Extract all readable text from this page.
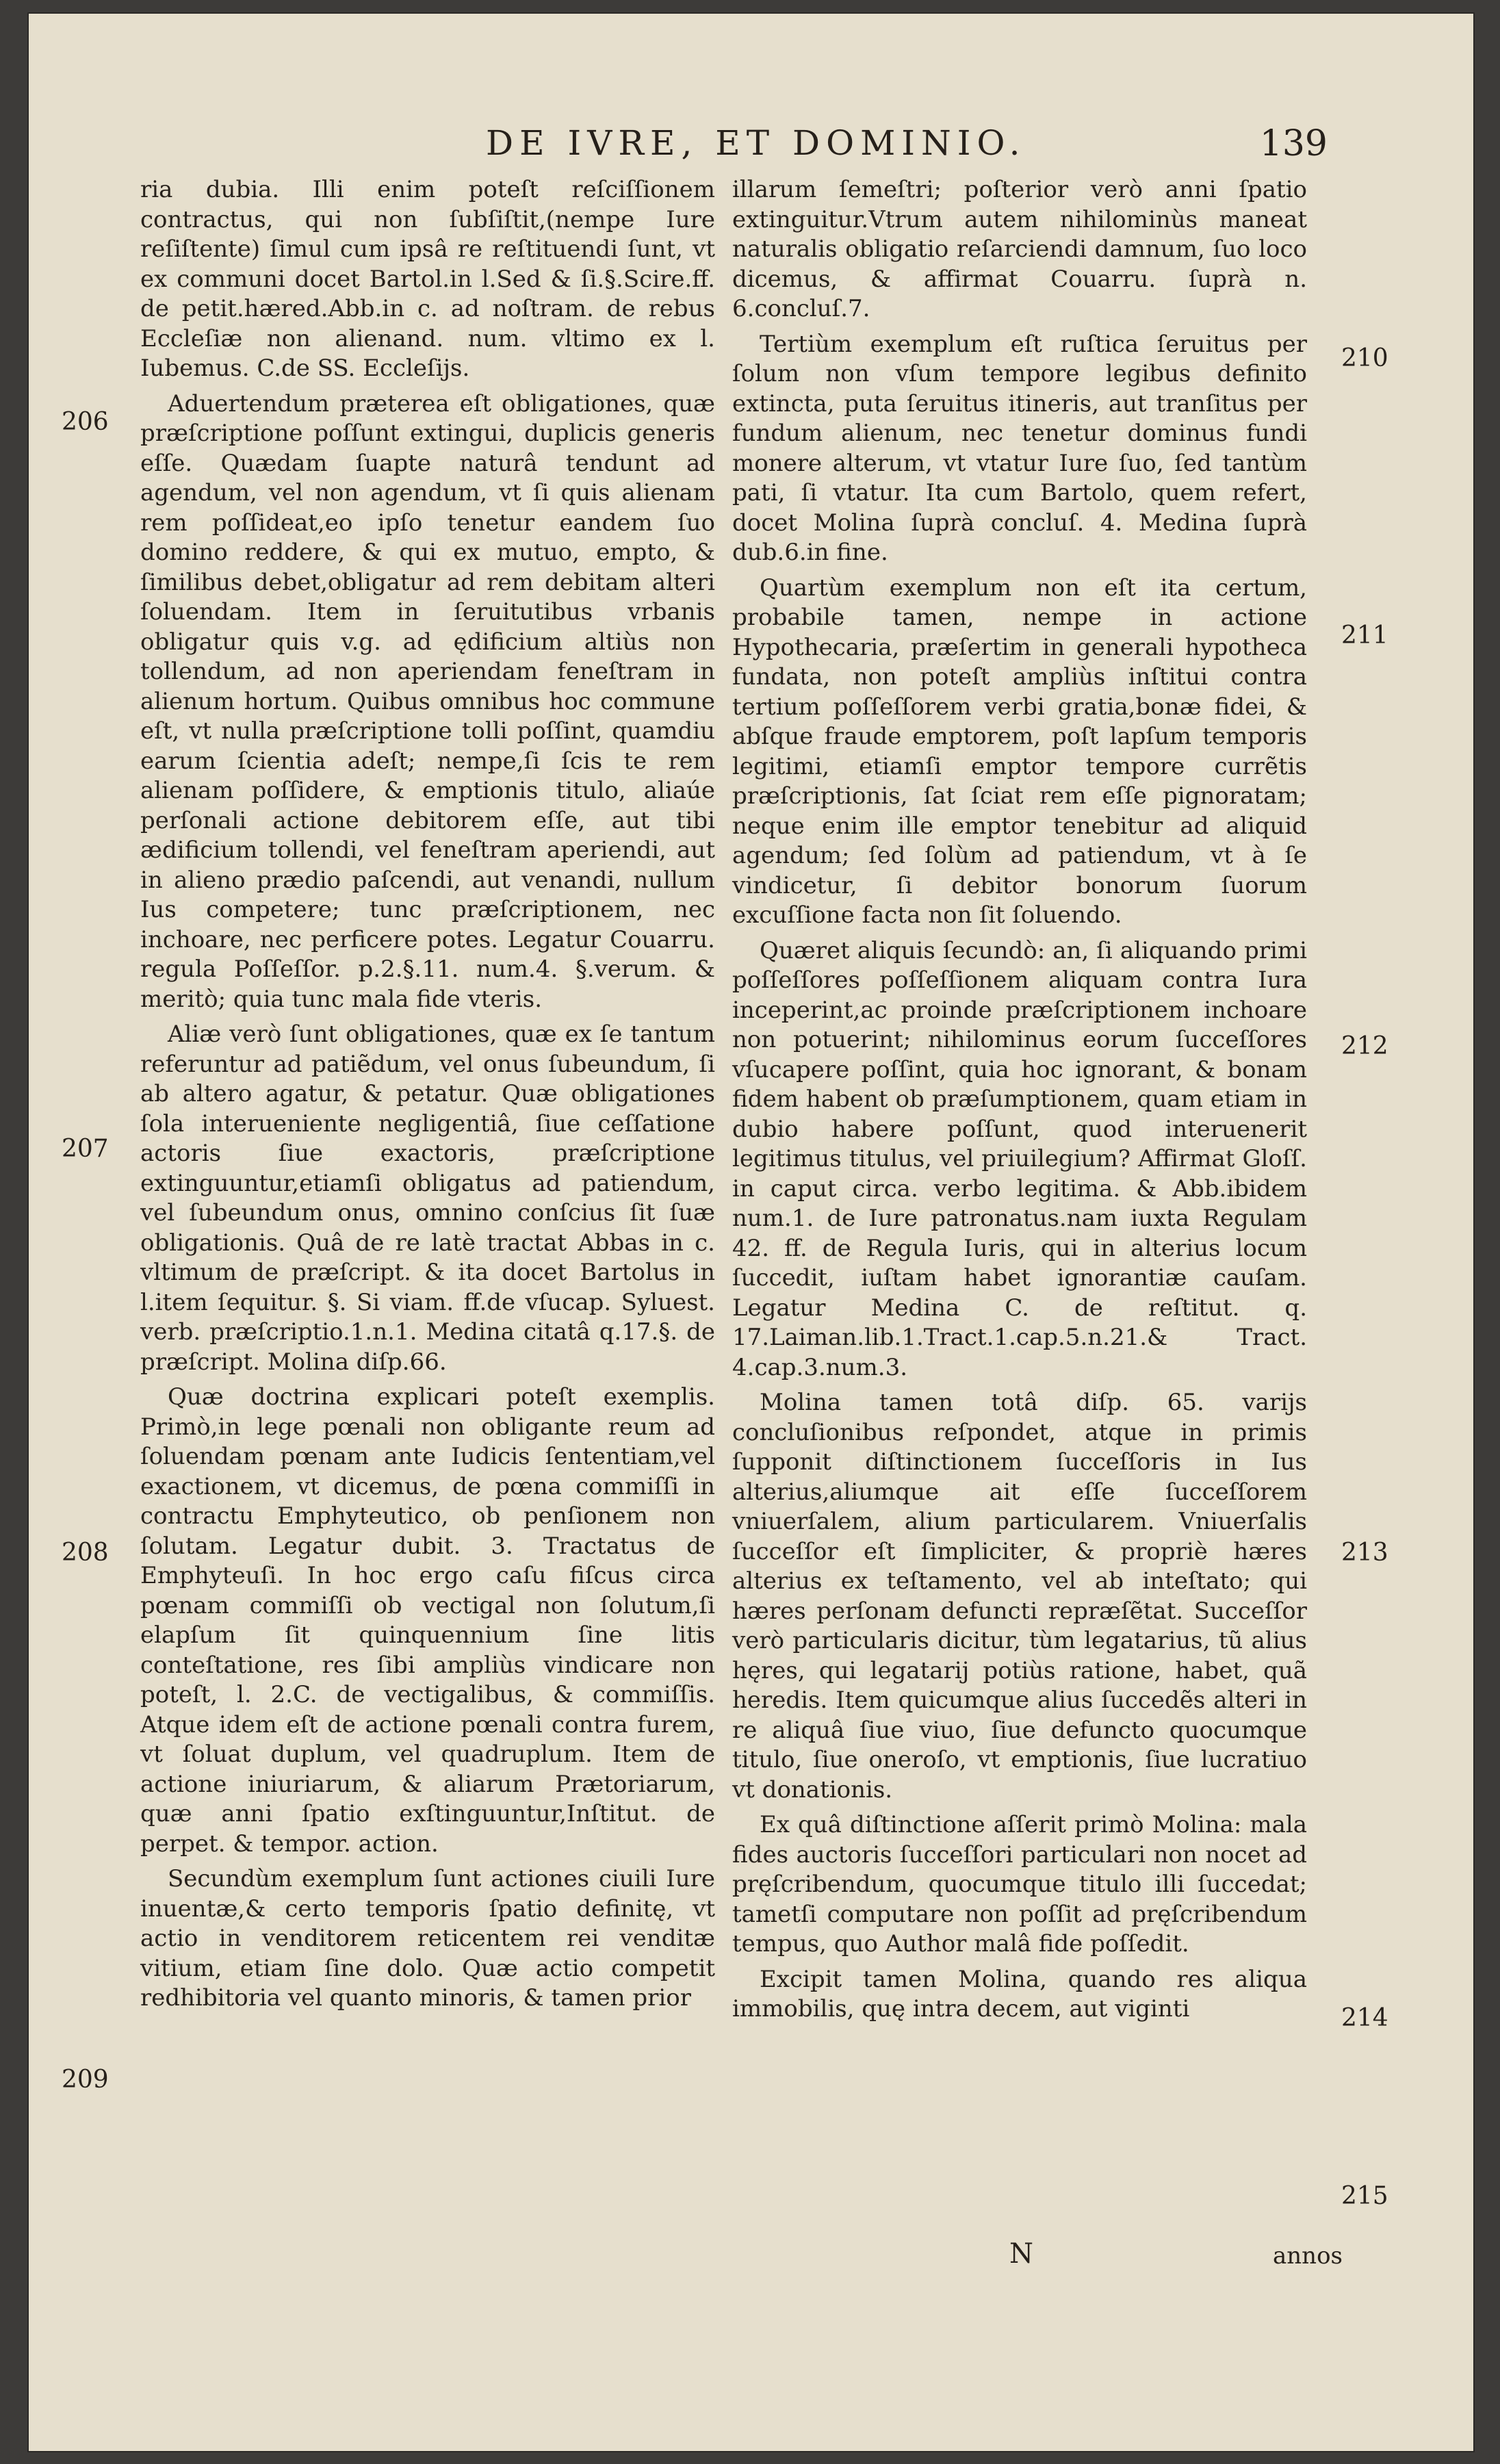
DE IVRE, ET DOMINIO.	139

ria dubia. Illi enim poteſt reſciſſionem contractus, qui non ſubſiſtit,(nempe Iure reſiſtente) ſimul cum ipsâ re reſtituendi ſunt, vt ex communi docet Bartol.in l.Sed & ſi.§.Scire.ff. de petit.hæred.Abb.in c. ad noſtram. de rebus Eccleſiæ non alienand. num. vltimo ex l. Iubemus. C.de SS. Eccleſijs.

Aduertendum præterea eſt obligationes, quæ præſcriptione poſſunt extingui, duplicis generis eſſe. Quædam ſuapte naturâ tendunt ad agendum, vel non agendum, vt ſi quis alienam rem poſſideat,eo ipſo tenetur eandem ſuo domino reddere, & qui ex mutuo, empto, & ſimilibus debet,obligatur ad rem debitam alteri ſoluendam. Item in ſeruitutibus vrbanis obligatur quis v.g. ad ędificium altiùs non tollendum, ad non aperiendam feneſtram in alienum hortum. Quibus omnibus hoc commune eſt, vt nulla præſcriptione tolli poſſint, quamdiu earum ſcientia adeſt; nempe,ſi ſcis te rem alienam poſſidere, & emptionis titulo, aliaúe perſonali actione debitorem eſſe, aut tibi ædificium tollendi, vel feneſtram aperiendi, aut in alieno prædio paſcendi, aut venandi, nullum Ius competere; tunc præſcriptionem, nec inchoare, nec perficere potes. Legatur Couarru. regula Poſſeſſor. p.2.§.11. num.4. §.verum. & meritò; quia tunc mala fide vteris.

Aliæ verò ſunt obligationes, quæ ex ſe tantum referuntur ad patiẽdum, vel onus ſubeundum, ſi ab altero agatur, & petatur. Quæ obligationes ſola interueniente negligentiâ, ſiue ceſſatione actoris ſiue exactoris, præſcriptione extinguuntur,etiamſi obligatus ad patiendum, vel ſubeundum onus, omnino conſcius ſit ſuæ obligationis. Quâ de re latè tractat Abbas in c. vltimum de præſcript. & ita docet Bartolus in l.item ſequitur. §. Si viam. ff.de vſucap. Syluest. verb. præſcriptio.1.n.1. Medina citatâ q.17.§. de præſcript. Molina diſp.66.

Quæ doctrina explicari poteſt exemplis. Primò,in lege pœnali non obligante reum ad ſoluendam pœnam ante Iudicis ſententiam,vel exactionem, vt dicemus, de pœna commiſſi in contractu Emphyteutico, ob penſionem non ſolutam. Legatur dubit. 3. Tractatus de Emphyteuſi. In hoc ergo caſu fiſcus circa pœnam commiſſi ob vectigal non ſolutum,ſi elapſum ſit quinquennium ſine litis conteſtatione, res ſibi ampliùs vindicare non poteſt, l. 2.C. de vectigalibus, & commiſſis. Atque idem eſt de actione pœnali contra furem, vt ſoluat duplum, vel quadruplum. Item de actione iniuriarum, & aliarum Prætoriarum, quæ anni ſpatio exſtinguuntur,Inſtitut. de perpet. & tempor. action.

Secundùm exemplum ſunt actiones ciuili Iure inuentæ,& certo temporis ſpatio definitę, vt actio in venditorem reticentem rei venditæ vitium, etiam ſine dolo. Quæ actio competit redhibitoria vel quanto minoris, & tamen prior

illarum ſemeſtri; poſterior verò anni ſpatio extinguitur.Vtrum autem nihilominùs maneat naturalis obligatio reſarciendi damnum, ſuo loco dicemus, & affirmat Couarru. ſuprà n. 6.concluſ.7.

Tertiùm exemplum eſt ruſtica ſeruitus per ſolum non vſum tempore legibus definito extincta, puta ſeruitus itineris, aut tranſitus per fundum alienum, nec tenetur dominus fundi monere alterum, vt vtatur Iure ſuo, ſed tantùm pati, ſi vtatur. Ita cum Bartolo, quem refert, docet Molina ſuprà concluſ. 4. Medina ſuprà dub.6.in fine.

Quartùm exemplum non eſt ita certum, probabile tamen, nempe in actione Hypothecaria, præſertim in generali hypotheca fundata, non poteſt ampliùs inſtitui contra tertium poſſeſſorem verbi gratia,bonæ fidei, & abſque fraude emptorem, poſt lapſum temporis legitimi, etiamſi emptor tempore currẽtis præſcriptionis, ſat ſciat rem eſſe pignoratam; neque enim ille emptor tenebitur ad aliquid agendum; ſed ſolùm ad patiendum, vt à ſe vindicetur, ſi debitor bonorum ſuorum excuſſione facta non ſit ſoluendo.

Quæret aliquis ſecundò: an, ſi aliquando primi poſſeſſores poſſeſſionem aliquam contra Iura inceperint,ac proinde præſcriptionem inchoare non potuerint; nihilominus eorum ſucceſſores vſucapere poſſint, quia hoc ignorant, & bonam fidem habent ob præſumptionem, quam etiam in dubio habere poſſunt, quod interuenerit legitimus titulus, vel priuilegium? Affirmat Gloſſ. in caput circa. verbo legitima. & Abb.ibidem num.1. de Iure patronatus.nam iuxta Regulam 42. ff. de Regula Iuris, qui in alterius locum ſuccedit, iuſtam habet ignorantiæ cauſam. Legatur Medina C. de reſtitut. q. 17.Laiman.lib.1.Tract.1.cap.5.n.21.& Tract. 4.cap.3.num.3.

Molina tamen totâ diſp. 65. varijs concluſionibus reſpondet, atque in primis ſupponit diſtinctionem ſucceſſoris in Ius alterius,aliumque ait eſſe ſucceſſorem vniuerſalem, alium particularem. Vniuerſalis ſucceſſor eſt ſimpliciter, & propriè hæres alterius ex teſtamento, vel ab inteſtato; qui hæres perſonam defuncti repræſẽtat. Succeſſor verò particularis dicitur, tùm legatarius, tũ alius hęres, qui legatarij potiùs ratione, habet, quã heredis. Item quicumque alius ſuccedẽs alteri in re aliquâ ſiue viuo, ſiue defuncto quocumque titulo, ſiue oneroſo, vt emptionis, ſiue lucratiuo vt donationis.

Ex quâ diſtinctione aſſerit primò Molina: mala fides auctoris ſucceſſori particulari non nocet ad pręſcribendum, quocumque titulo illi ſuccedat; tametſi computare non poſſit ad pręſcribendum tempus, quo Author malâ fide poſſedit.

Excipit tamen Molina, quando res aliqua immobilis, quę intra decem, aut viginti

206
207
208
209
210
211
212
213
214
215
N	annos
